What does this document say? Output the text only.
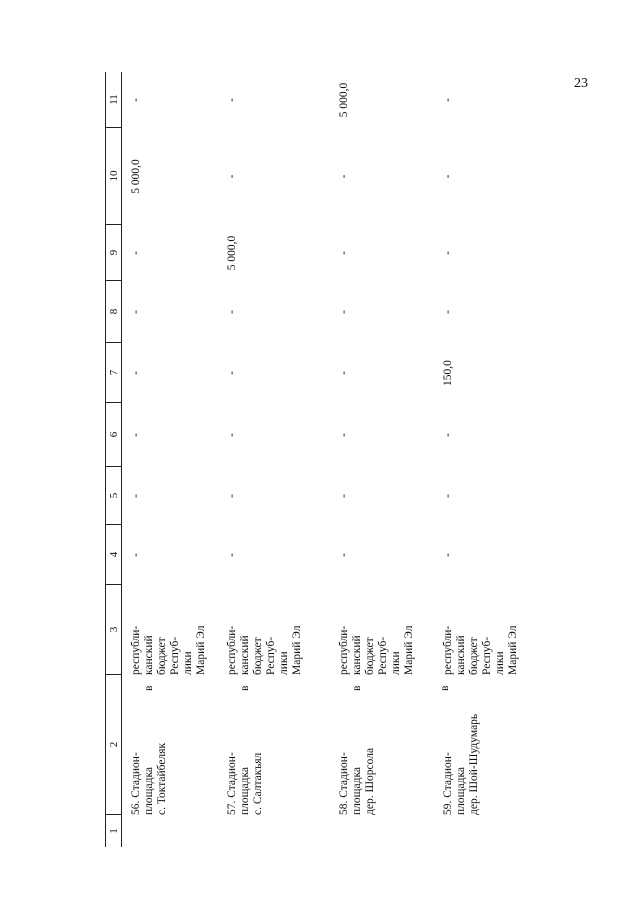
23
1
2
3
4
5
6
7
8
9
10
11
56. Стадион- площадка с. Токтайбеляк
в
республи- канский бюджет Респуб- лики Марий Эл
-
-
-
-
-
-
5 000,0
-
57. Стадион- площадка с. Салтакъял
в
республи- канский бюджет Респуб- лики Марий Эл
-
-
-
-
-
5 000,0
-
-
58. Стадион- площадка дер. Шорсола
в
республи- канский бюджет Респуб- лики Марий Эл
-
-
-
-
-
-
-
5 000,0
59. Стадион- площадка дер. Шой-Шудумарь
в
республи- канский бюджет Респуб- лики Марий Эл
-
-
-
150,0
-
-
-
-
